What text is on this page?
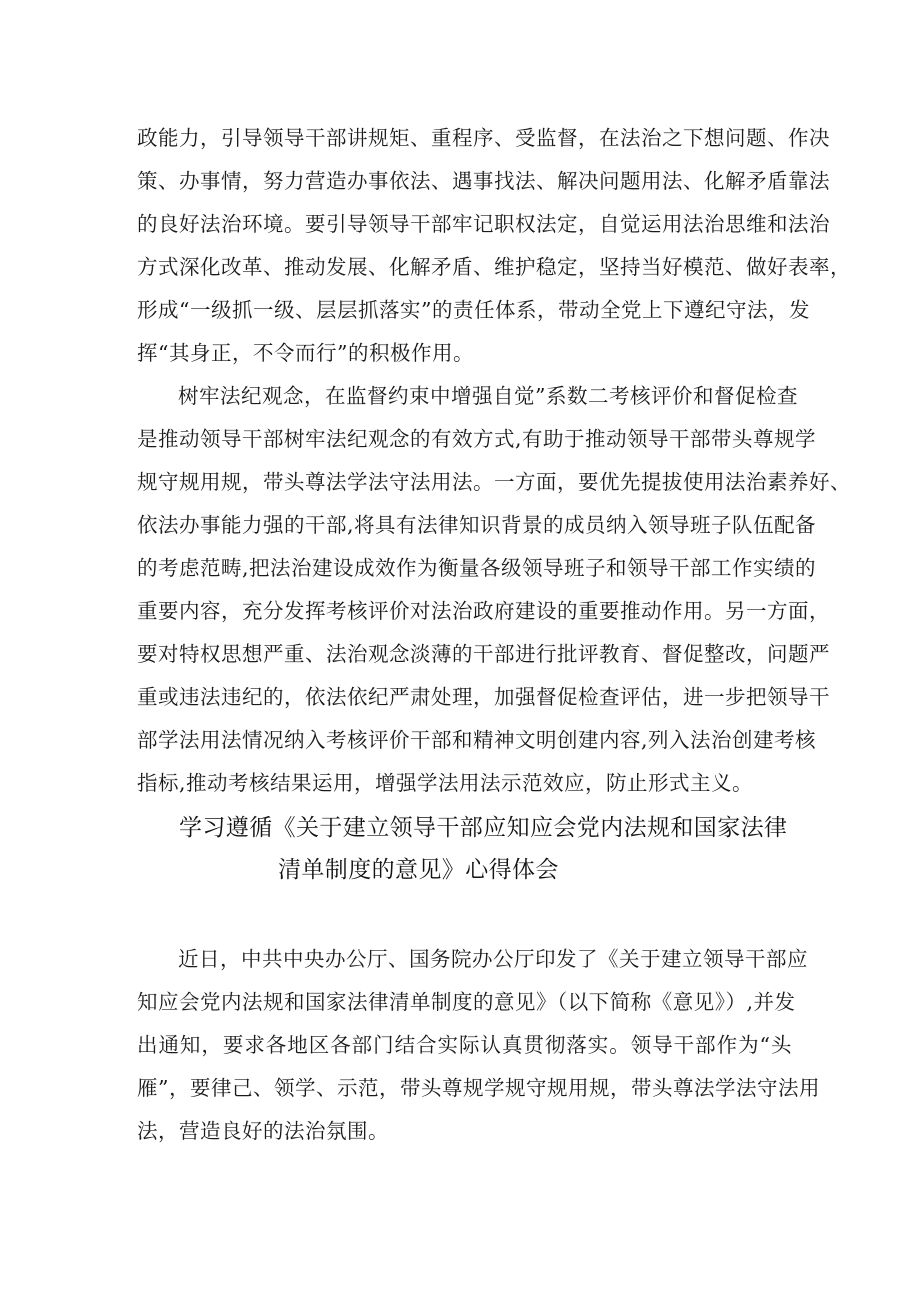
政能力，引导领导干部讲规矩、重程序、受监督，在法治之下想问题、作决
策、办事情，努力营造办事依法、遇事找法、解决问题用法、化解矛盾靠法
的良好法治环境。要引导领导干部牢记职权法定，自觉运用法治思维和法治
方式深化改革、推动发展、化解矛盾、维护稳定，坚持当好模范、做好表率，
形成“一级抓一级、层层抓落实”的责任体系，带动全党上下遵纪守法，发
挥“其身正，不令而行”的积极作用。
树牢法纪观念，在监督约束中增强自觉”系数二考核评价和督促检查
是推动领导干部树牢法纪观念的有效方式,有助于推动领导干部带头尊规学
规守规用规，带头尊法学法守法用法。一方面，要优先提拔使用法治素养好、
依法办事能力强的干部,将具有法律知识背景的成员纳入领导班子队伍配备
的考虑范畴,把法治建设成效作为衡量各级领导班子和领导干部工作实绩的
重要内容，充分发挥考核评价对法治政府建设的重要推动作用。另一方面，
要对特权思想严重、法治观念淡薄的干部进行批评教育、督促整改，问题严
重或违法违纪的，依法依纪严肃处理，加强督促检查评估，进一步把领导干
部学法用法情况纳入考核评价干部和精神文明创建内容,列入法治创建考核
指标,推动考核结果运用，增强学法用法示范效应，防止形式主义。
学习遵循《关于建立领导干部应知应会党内法规和国家法律
清单制度的意见》心得体会
近日，中共中央办公厅、国务院办公厅印发了《关于建立领导干部应
知应会党内法规和国家法律清单制度的意见》（以下简称《意见》）,并发
出通知，要求各地区各部门结合实际认真贯彻落实。领导干部作为“头
雁”，要律己、领学、示范，带头尊规学规守规用规，带头尊法学法守法用
法，营造良好的法治氛围。
